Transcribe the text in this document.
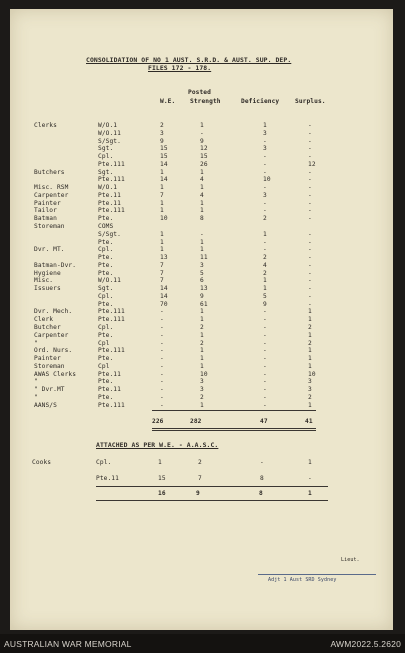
CONSOLIDATION OF NO 1 AUST. S.R.D. & AUST. SUP. DEP.
FILES 172 - 178.
Posted
W.E. Strength	Deficiency	Surplus.
Clerks	W/O.1	2	1	1	-
W/O.11	3	-	3	-
S/Sgt.	9	9	-	-
Sgt.	15	12	3	-
Cpl.	15	15	-	-
Pte.111	14	26	-	12
Butchers	Sgt.	1	1	-	-
Pte.111	14	4	10	-
Misc. RSM	W/O.1	1	1	-	-
Carpenter	Pte.11	7	4	3	-
Painter	Pte.11	1	1	-	-
Tailor	Pte.111	1	1	-	-
Batman	Pte.	10	8	2	-
Storeman	COMS
S/Sgt.	1	-	1	-
Pte.	1	1	-	-
Dvr. MT.	Cpl.	1	1	-	-
Pte.	13	11	2	-
Batman-Dvr.	Pte.	7	3	4	-
Hygiene	Pte.	7	5	2	-
Misc.	W/O.11	7	6	1	-
Issuers	Sgt.	14	13	1	-
Cpl.	14	9	5	-
Pte.	70	61	9	-
Dvr. Mech.	Pte.111	-	1	-	1
Clerk	Pte.111	-	1	-	1
Butcher	Cpl.	-	2	-	2
Carpenter	Pte.	-	1	-	1
"	Cpl	-	2	-	2
Ord. Nurs.	Pte.111	-	1	-	1
Painter	Pte.	-	1	-	1
Storeman	Cpl	-	1	-	1
AWAS Clerks	Pte.11	-	10	-	10
"	Pte.	-	3	-	3
" Dvr.MT	Pte.11	-	3	-	3
"	Pte.	-	2	-	2
AANS/S	Pte.111	-	1	-	1
226	282	47	41
ATTACHED AS PER W.E. - A.A.S.C.
Cooks	Cpl.	1	2	-	1
Pte.11	15	7	8	-
16	9	8	1
Lieut.
Adjt 1 Aust SRD Sydney
AUSTRALIAN WAR MEMORIAL	AWM2022.5.2620
